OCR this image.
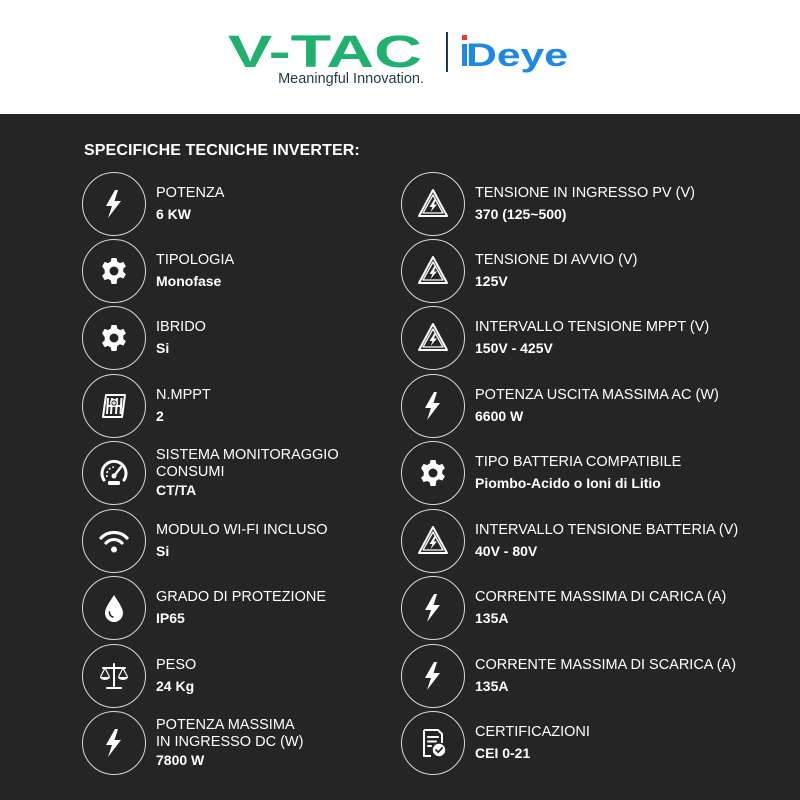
V-TAC
Meaningful Innovation.
Deye
SPECIFICHE TECNICHE INVERTER:
POTENZA
6 KW
TIPOLOGIA
Monofase
IBRIDO
Si
N.MPPT
2
SISTEMA MONITORAGGIO
CONSUMI
CT/TA
MODULO WI-FI INCLUSO
Si
GRADO DI PROTEZIONE
IP65
PESO
24 Kg
POTENZA MASSIMA
IN INGRESSO DC (W)
7800 W
TENSIONE IN INGRESSO PV (V)
370 (125~500)
TENSIONE DI AVVIO (V)
125V
INTERVALLO TENSIONE MPPT (V)
150V - 425V
POTENZA USCITA MASSIMA AC (W)
6600 W
TIPO BATTERIA COMPATIBILE
Piombo-Acido o Ioni di Litio
INTERVALLO TENSIONE BATTERIA (V)
40V - 80V
CORRENTE MASSIMA DI CARICA (A)
135A
CORRENTE MASSIMA DI SCARICA (A)
135A
CERTIFICAZIONI
CEI 0-21
